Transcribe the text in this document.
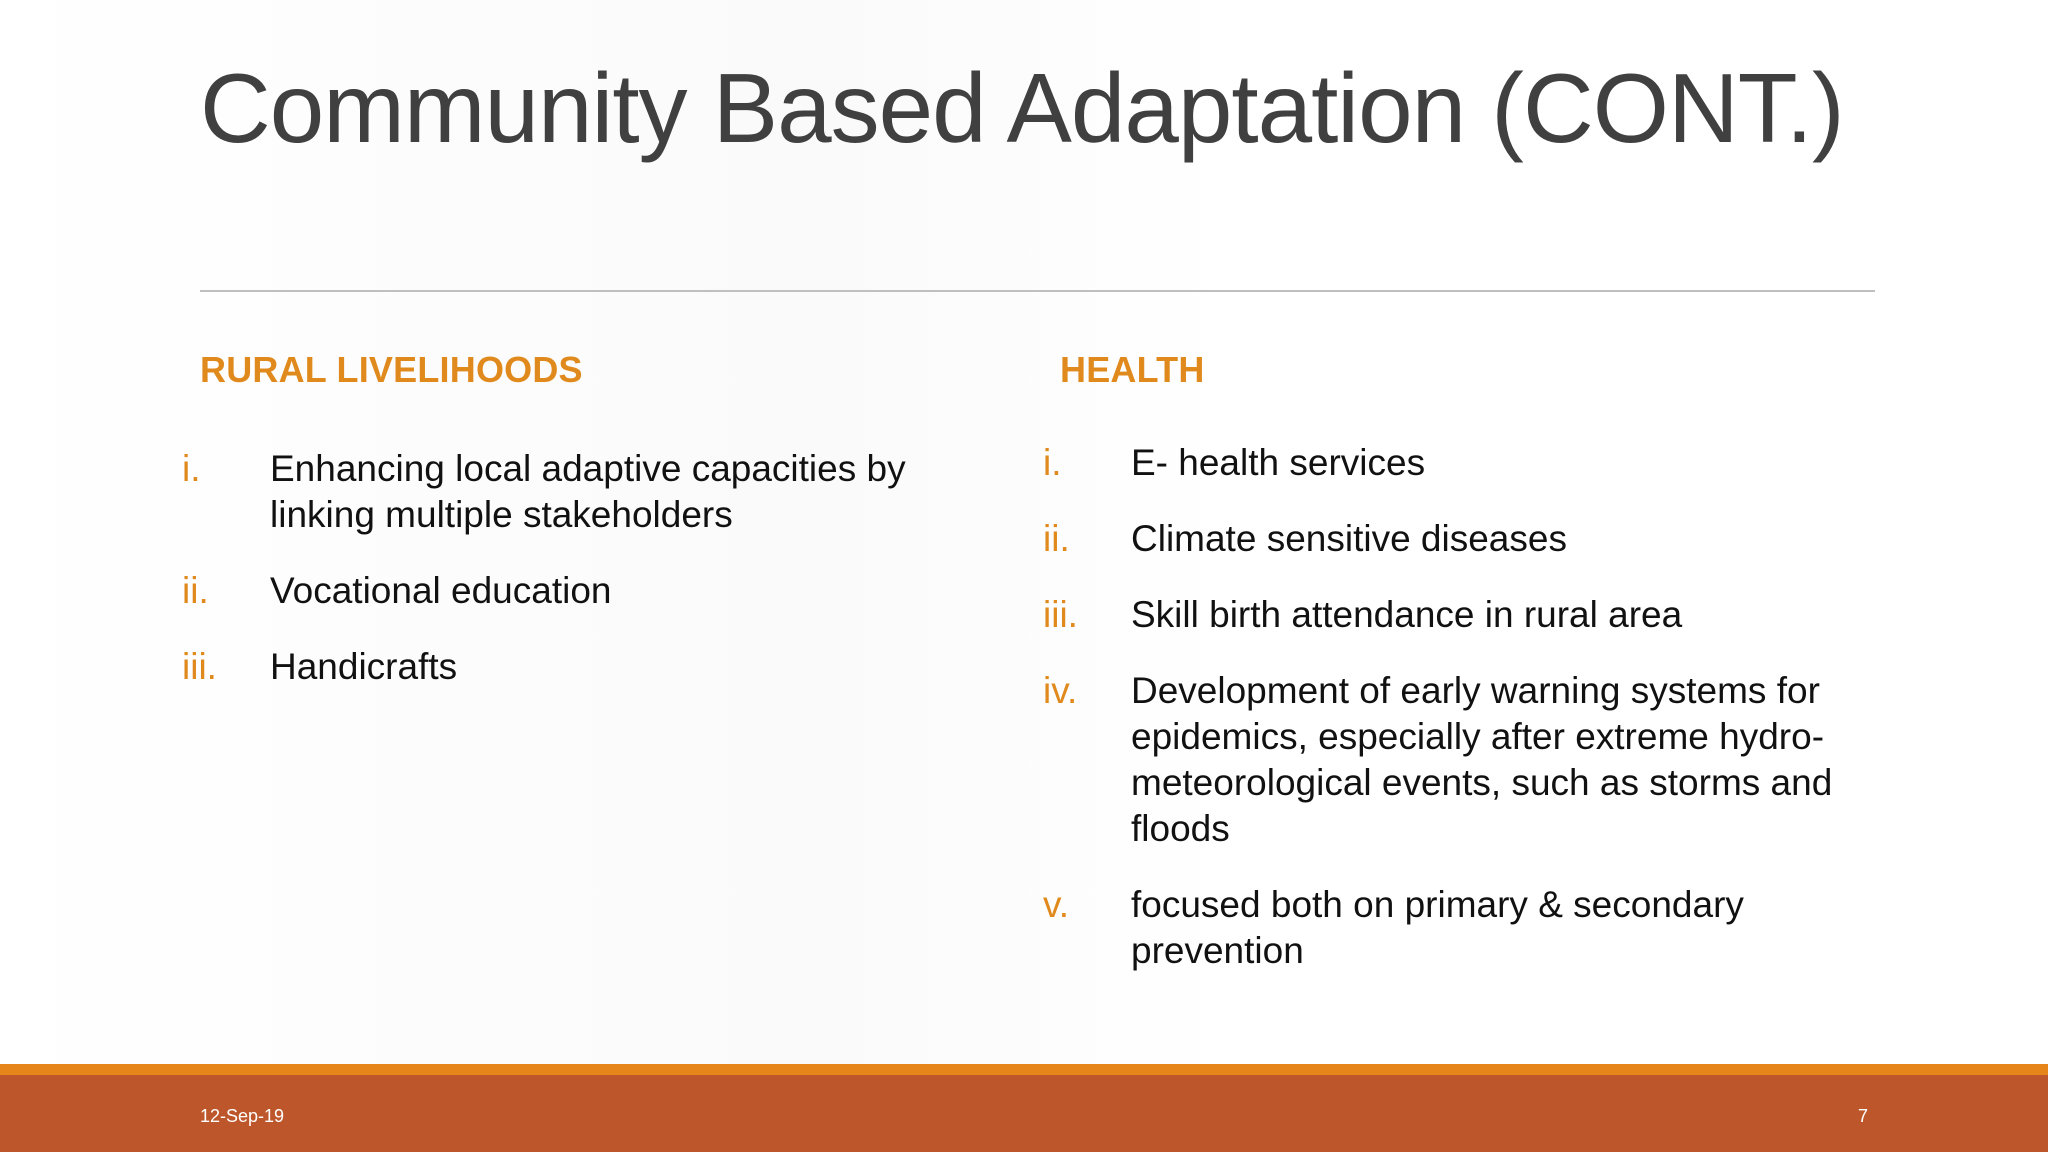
Community Based Adaptation (CONT.)
RURAL LIVELIHOODS	HEALTH
i. Enhancing local adaptive capacities by linking multiple stakeholders
ii. Vocational education
iii. Handicrafts
i. E- health services
ii. Climate sensitive diseases
iii. Skill birth attendance in rural area
iv. Development of early warning systems for epidemics, especially after extreme hydro-meteorological events, such as storms and floods
v. focused both on primary & secondary prevention
12-Sep-19	7
